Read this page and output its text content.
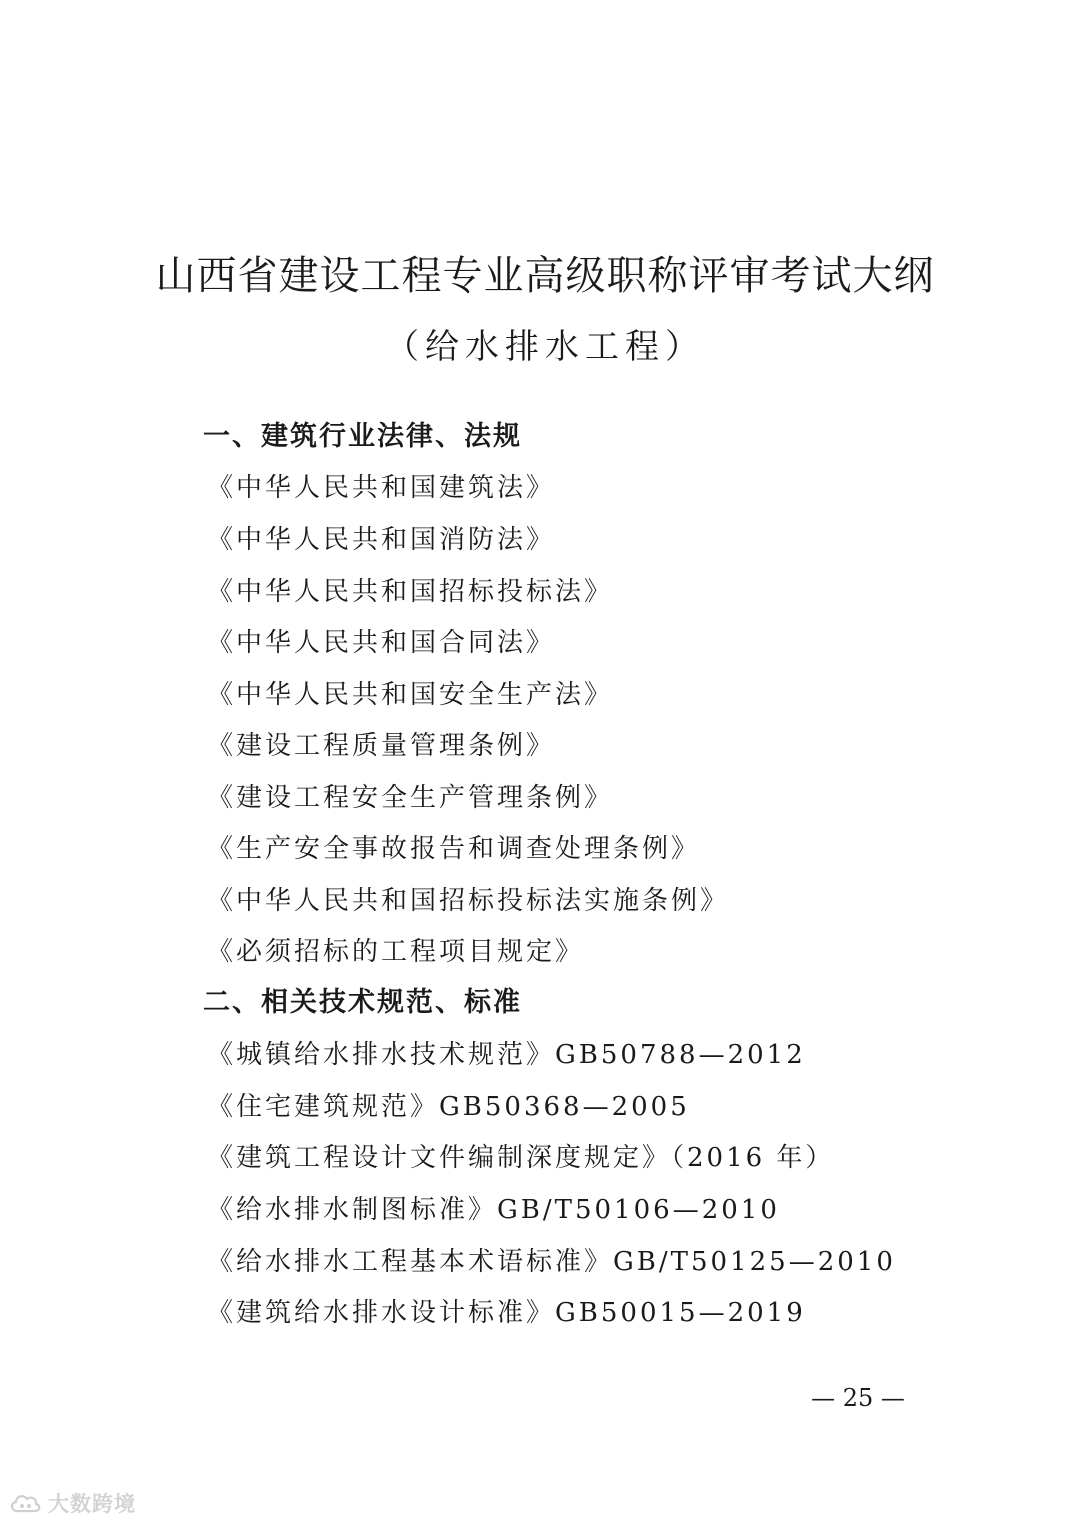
山西省建设工程专业高级职称评审考试大纲
（给水排水工程）
一、建筑行业法律、法规
《中华人民共和国建筑法》
《中华人民共和国消防法》
《中华人民共和国招标投标法》
《中华人民共和国合同法》
《中华人民共和国安全生产法》
《建设工程质量管理条例》
《建设工程安全生产管理条例》
《生产安全事故报告和调查处理条例》
《中华人民共和国招标投标法实施条例》
《必须招标的工程项目规定》
二、相关技术规范、标准
《城镇给水排水技术规范》GB50788—2012
《住宅建筑规范》GB50368—2005
《建筑工程设计文件编制深度规定》（2016 年）
《给水排水制图标准》GB/T50106—2010
《给水排水工程基本术语标准》GB/T50125—2010
《建筑给水排水设计标准》GB50015—2019
— 25 —
大数跨境
